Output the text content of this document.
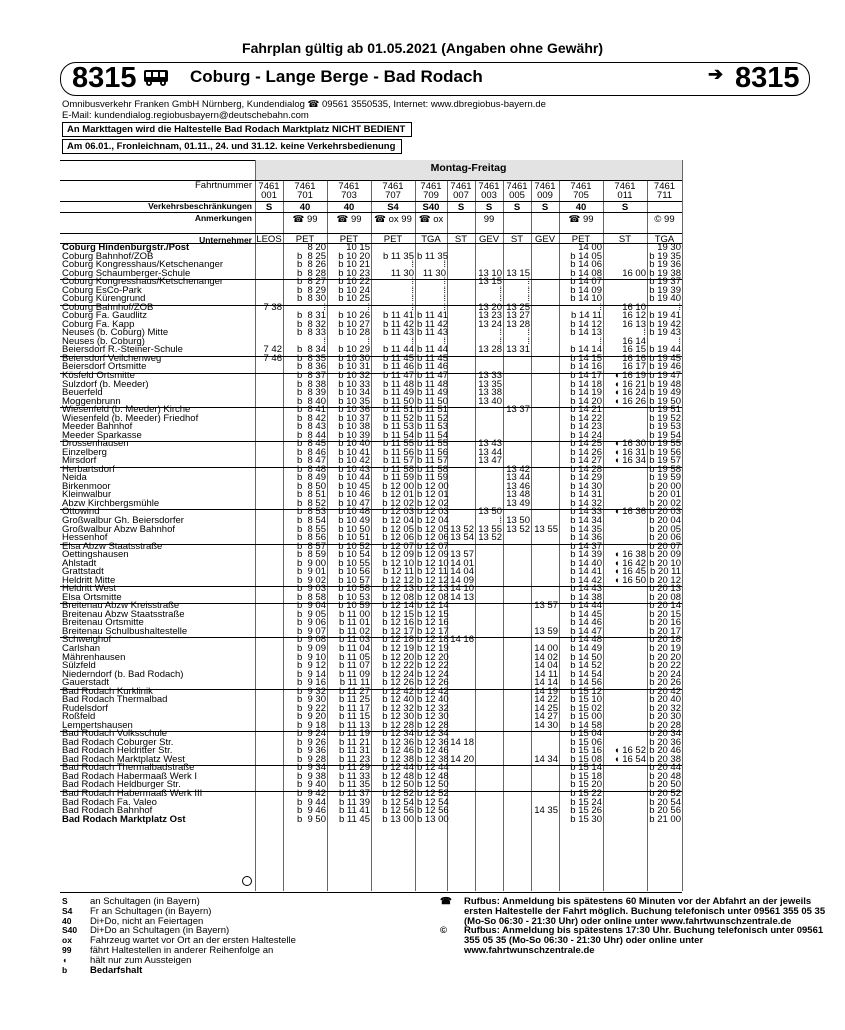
Fahrplan gültig ab 01.05.2021 (Angaben ohne Gewähr)
8315	Coburg - Lange Berge - Bad Rodach	➔ 8315
Omnibusverkehr Franken GmbH Nürnberg, Kundendialog ☎ 09561 3550535, Internet: www.dbregiobus-bayern.de
E-Mail: kundendialog.regiobusbayern@deutschebahn.com
An Markttagen wird die Haltestelle Bad Rodach Marktplatz NICHT BEDIENT
Am 06.01., Fronleichnam, 01.11., 24. und 31.12. keine Verkehrsbedienung
Montag-Freitag
Fahrtnummer
Verkehrsbeschränkungen
Anmerkungen
Unternehmer
7461
001
S
LEOS
7461
701
40
☎ 99
PET
7461
703
40
☎ 99
PET
7461
707
S4
☎ ox 99
PET
7461
709
S40
☎ ox
TGA
7461
007
S
ST
7461
003
S
99
GEV
7461
005
S
ST
7461
009
S
GEV
7461
705
40
☎ 99
PET
7461
011
S
ST
7461
711
© 99
TGA
Coburg Hindenburgstr./Post
Coburg Bahnhof/ZOB
Coburg Kongresshaus/Ketschenanger
Coburg Schaumberger-Schule
Coburg Kongresshaus/Ketschenanger
Coburg EsCo-Park
Coburg Kürengrund
Coburg Bahnhof/ZOB
Coburg Fa. Gaudlitz
Coburg Fa. Kapp
Neuses (b. Coburg) Mitte
Neuses (b. Coburg)
Beiersdorf R.-Steiner-Schule
Beiersdorf Veilchenweg
Beiersdorf Ortsmitte
Kösfeld Ortsmitte
Sulzdorf (b. Meeder)
Beuerfeld
Moggenbrunn
Wiesenfeld (b. Meeder) Kirche
Wiesenfeld (b. Meeder) Friedhof
Meeder Bahnhof
Meeder Sparkasse
Drossenhausen
Einzelberg
Mirsdorf
Herbartsdorf
Neida
Birkenmoor
Kleinwalbur
Abzw Kirchbergsmühle
Ottowind
Großwalbur Gh. Beiersdorfer
Großwalbur Abzw Bahnhof
Hessenhof
Elsa Abzw Staatsstraße
Oettingshausen
Ahlstadt
Grattstadt
Heldritt Mitte
Heldritt West
Elsa Ortsmitte
Breitenau Abzw Kreisstraße
Breitenau Abzw Staatsstraße
Breitenau Ortsmitte
Breitenau Schulbushaltestelle
Schweighof
Carlshan
Mährenhausen
Sülzfeld
Niederndorf (b. Bad Rodach)
Gauerstadt
Bad Rodach Kurklinik
Bad Rodach Thermalbad
Rudelsdorf
Roßfeld
Lempertshausen
Bad Rodach Volksschule
Bad Rodach Coburger Str.
Bad Rodach Heldritter Str.
Bad Rodach Marktplatz West
Bad Rodach Thermalbadstraße
Bad Rodach Habermaaß Werk I
Bad Rodach Heldburger Str.
Bad Rodach Habermaaß Werk III
Bad Rodach Fa. Valeo
Bad Rodach Bahnhof
Bad Rodach Marktplatz Ost

7 38

7 42
7 46
8 20
b  8 25
b  8 26
b  8 28
b  8 27
b  8 29
b  8 30
⁞
b  8 31
b  8 32
b  8 33
⁞
b  8 34
b  8 35
b  8 36
b  8 37
b  8 38
b  8 39
b  8 40
b  8 41
b  8 42
b  8 43
b  8 44
b  8 45
b  8 46
b  8 47
b  8 48
b  8 49
b  8 50
b  8 51
b  8 52
b  8 53
b  8 54
b  8 55
b  8 56
b  8 57
b  8 59
b  9 00
b  9 01
b  9 02
b  9 03
b  8 58
b  9 04
b  9 05
b  9 06
b  9 07
b  9 08
b  9 09
b  9 10
b  9 12
b  9 14
b  9 16
b  9 32
b  9 30
b  9 22
b  9 20
b  9 18
b  9 24
b  9 26
b  9 36
b  9 28
b  9 34
b  9 38
b  9 40
b  9 42
b  9 44
b  9 46
b  9 50
10 15
b 10 20
b 10 21
b 10 23
b 10 22
b 10 24
b 10 25
⁞
b 10 26
b 10 27
b 10 28
⁞
b 10 29
b 10 30
b 10 31
b 10 32
b 10 33
b 10 34
b 10 35
b 10 36
b 10 37
b 10 38
b 10 39
b 10 40
b 10 41
b 10 42
b 10 43
b 10 44
b 10 45
b 10 46
b 10 47
b 10 48
b 10 49
b 10 50
b 10 51
b 10 52
b 10 54
b 10 55
b 10 56
b 10 57
b 10 58
b 10 53
b 10 59
b 11 00
b 11 01
b 11 02
b 11 03
b 11 04
b 11 05
b 11 07
b 11 09
b 11 11
b 11 27
b 11 25
b 11 17
b 11 15
b 11 13
b 11 19
b 11 21
b 11 31
b 11 23
b 11 29
b 11 33
b 11 35
b 11 37
b 11 39
b 11 41
b 11 45

b 11 35
⁞
11 30
⁞
⁞
⁞
⁞
b 11 41
b 11 42
b 11 43
⁞
b 11 44
b 11 45
b 11 46
b 11 47
b 11 48
b 11 49
b 11 50
b 11 51
b 11 52
b 11 53
b 11 54
b 11 55
b 11 56
b 11 57
b 11 58
b 11 59
b 12 00
b 12 01
b 12 02
b 12 03
b 12 04
b 12 05
b 12 06
b 12 07
b 12 09
b 12 10
b 12 11
b 12 12
b 12 13
b 12 08
b 12 14
b 12 15
b 12 16
b 12 17
b 12 18
b 12 19
b 12 20
b 12 22
b 12 24
b 12 26
b 12 42
b 12 40
b 12 32
b 12 30
b 12 28
b 12 34
b 12 36
b 12 46
b 12 38
b 12 44
b 12 48
b 12 50
b 12 52
b 12 54
b 12 56
b 13 00

b 11 35
⁞
11 30
⁞
⁞
⁞
⁞
b 11 41
b 11 42
b 11 43
⁞
b 11 44
b 11 45
b 11 46
b 11 47
b 11 48
b 11 49
b 11 50
b 11 51
b 11 52
b 11 53
b 11 54
b 11 55
b 11 56
b 11 57
b 11 58
b 11 59
b 12 00
b 12 01
b 12 02
b 12 03
b 12 04
b 12 05
b 12 06
b 12 07
b 12 09
b 12 10
b 12 11
b 12 12
b 12 13
b 12 08
b 12 14
b 12 15
b 12 16
b 12 17
b 12 18
b 12 19
b 12 20
b 12 22
b 12 24
b 12 26
b 12 42
b 12 40
b 12 32
b 12 30
b 12 28
b 12 34
b 12 36
b 12 46
b 12 38
b 12 44
b 12 48
b 12 50
b 12 52
b 12 54
b 12 56
b 13 00

13 52
13 54

13 57
14 01
14 04
14 09
14 10
14 13

14 16

14 18

14 20

13 10
13 15
⁞
⁞
13 20
13 23
13 24
⁞
⁞
13 28

13 33
13 35
13 38
13 40

13 43
13 44
13 47

13 50
⁞
13 55
13 52

13 15
⁞
⁞
⁞
13 25
13 27
13 28
⁞
⁞
13 31

13 37

13 42
13 44
13 46
13 48
13 49

13 50
13 52

13 55

13 57

13 59

14 00
14 02
14 04
14 11
14 14
14 19
14 22
14 25
14 27
14 30

14 34

14 35
14 00
b 14 05
b 14 06
b 14 08
b 14 07
b 14 09
b 14 10
⁞
b 14 11
b 14 12
b 14 13
⁞
b 14 14
b 14 15
b 14 16
b 14 17
b 14 18
b 14 19
b 14 20
b 14 21
b 14 22
b 14 23
b 14 24
b 14 25
b 14 26
b 14 27
b 14 28
b 14 29
b 14 30
b 14 31
b 14 32
b 14 33
b 14 34
b 14 35
b 14 36
b 14 37
b 14 39
b 14 40
b 14 41
b 14 42
b 14 43
b 14 38
b 14 44
b 14 45
b 14 46
b 14 47
b 14 48
b 14 49
b 14 50
b 14 52
b 14 54
b 14 56
b 15 12
b 15 10
b 15 02
b 15 00
b 14 58
b 15 04
b 15 06
b 15 16
b 15 08
b 15 14
b 15 18
b 15 20
b 15 22
b 15 24
b 15 26
b 15 30

16 00

16 10
16 12
16 13
⁞
16 14
16 15
16 16
16 17
◖ 16 19
◖ 16 21
◖ 16 24
◖ 16 26

◖ 16 30
◖ 16 31
◖ 16 34

◖ 16 36

◖ 16 38
◖ 16 42
◖ 16 45
◖ 16 50

◖ 16 52
◖ 16 54
19 30
b 19 35
b 19 36
b 19 38
b 19 37
b 19 39
b 19 40
⁞
b 19 41
b 19 42
b 19 43
⁞
b 19 44
b 19 45
b 19 46
b 19 47
b 19 48
b 19 49
b 19 50
b 19 51
b 19 52
b 19 53
b 19 54
b 19 55
b 19 56
b 19 57
b 19 58
b 19 59
b 20 00
b 20 01
b 20 02
b 20 03
b 20 04
b 20 05
b 20 06
b 20 07
b 20 09
b 20 10
b 20 11
b 20 12
b 20 13
b 20 08
b 20 14
b 20 15
b 20 16
b 20 17
b 20 18
b 20 19
b 20 20
b 20 22
b 20 24
b 20 26
b 20 42
b 20 40
b 20 32
b 20 30
b 20 28
b 20 34
b 20 36
b 20 46
b 20 38
b 20 44
b 20 48
b 20 50
b 20 52
b 20 54
b 20 56
b 21 00
S an Schultagen (in Bayern)
S4 Fr an Schultagen (in Bayern)
40 Di+Do, nicht an Feiertagen
S40 Di+Do an Schultagen (in Bayern)
ox Fahrzeug wartet vor Ort an der ersten Haltestelle
99 fährt Haltestellen in anderer Reihenfolge an
◖ hält nur zum Aussteigen
b Bedarfshalt
☎ Rufbus: Anmeldung bis spätestens 60 Minuten vor der Abfahrt an der jeweils ersten Haltestelle der Fahrt möglich. Buchung telefonisch unter 09561 355 05 35 (Mo-So 06:30 - 21:30 Uhr) oder online unter www.fahrtwunschzentrale.de
© Rufbus: Anmeldung bis spätestens 17:30 Uhr. Buchung telefonisch unter 09561 355 05 35 (Mo-So 06:30 - 21:30 Uhr) oder online unter www.fahrtwunschzentrale.de
